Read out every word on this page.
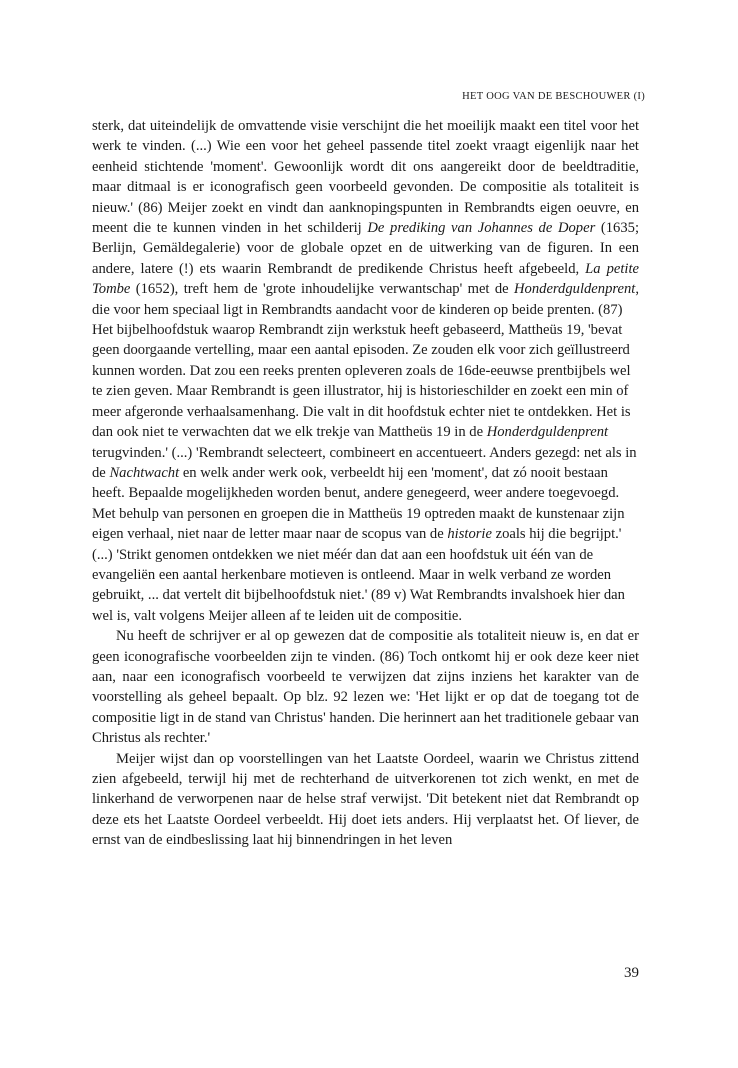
HET OOG VAN DE BESCHOUWER (I)

sterk, dat uiteindelijk de omvattende visie verschijnt die het moeilijk maakt een titel voor het werk te vinden. (...) Wie een voor het geheel passende titel zoekt vraagt eigenlijk naar het eenheid stichtende 'moment'. Gewoonlijk wordt dit ons aangereikt door de beeldtraditie, maar ditmaal is er iconografisch geen voorbeeld gevonden. De compositie als totaliteit is nieuw.' (86) Meijer zoekt en vindt dan aanknopingspunten in Rembrandts eigen oeuvre, en meent die te kunnen vinden in het schilderij De prediking van Johannes de Doper (1635; Berlijn, Gemäldegalerie) voor de globale opzet en de uitwerking van de figuren. In een andere, latere (!) ets waarin Rembrandt de predikende Christus heeft afgebeeld, La petite Tombe (1652), treft hem de 'grote inhoudelijke verwantschap' met de Honderdguldenprent, die voor hem speciaal ligt in Rembrandts aandacht voor de kinderen op beide prenten. (87)

Het bijbelhoofdstuk waarop Rembrandt zijn werkstuk heeft gebaseerd, Mattheüs 19, 'bevat geen doorgaande vertelling, maar een aantal episoden. Ze zouden elk voor zich geïllustreerd kunnen worden. Dat zou een reeks prenten opleveren zoals de 16de-eeuwse prentbijbels wel te zien geven. Maar Rembrandt is geen illustrator, hij is historieschilder en zoekt een min of meer afgeronde verhaalsamenhang. Die valt in dit hoofdstuk echter niet te ontdekken. Het is dan ook niet te verwachten dat we elk trekje van Mattheüs 19 in de Honderdguldenprent terugvinden.' (...) 'Rembrandt selecteert, combineert en accentueert. Anders gezegd: net als in de Nachtwacht en welk ander werk ook, verbeeldt hij een 'moment', dat zó nooit bestaan heeft. Bepaalde mogelijkheden worden benut, andere genegeerd, weer andere toegevoegd. Met behulp van personen en groepen die in Mattheüs 19 optreden maakt de kunstenaar zijn eigen verhaal, niet naar de letter maar naar de scopus van de historie zoals hij die begrijpt.' (...) 'Strikt genomen ontdekken we niet méér dan dat aan een hoofdstuk uit één van de evangeliën een aantal herkenbare motieven is ontleend. Maar in welk verband ze worden gebruikt, ... dat vertelt dit bijbelhoofdstuk niet.' (89 v) Wat Rembrandts invalshoek hier dan wel is, valt volgens Meijer alleen af te leiden uit de compositie.

Nu heeft de schrijver er al op gewezen dat de compositie als totaliteit nieuw is, en dat er geen iconografische voorbeelden zijn te vinden. (86) Toch ontkomt hij er ook deze keer niet aan, naar een iconografisch voorbeeld te verwijzen dat zijns inziens het karakter van de voorstelling als geheel bepaalt. Op blz. 92 lezen we: 'Het lijkt er op dat de toegang tot de compositie ligt in de stand van Christus' handen. Die herinnert aan het traditionele gebaar van Christus als rechter.'

Meijer wijst dan op voorstellingen van het Laatste Oordeel, waarin we Christus zittend zien afgebeeld, terwijl hij met de rechterhand de uitverkorenen tot zich wenkt, en met de linkerhand de verworpenen naar de helse straf verwijst. 'Dit betekent niet dat Rembrandt op deze ets het Laatste Oordeel verbeeldt. Hij doet iets anders. Hij verplaatst het. Of liever, de ernst van de eindbeslissing laat hij binnendringen in het leven

39
